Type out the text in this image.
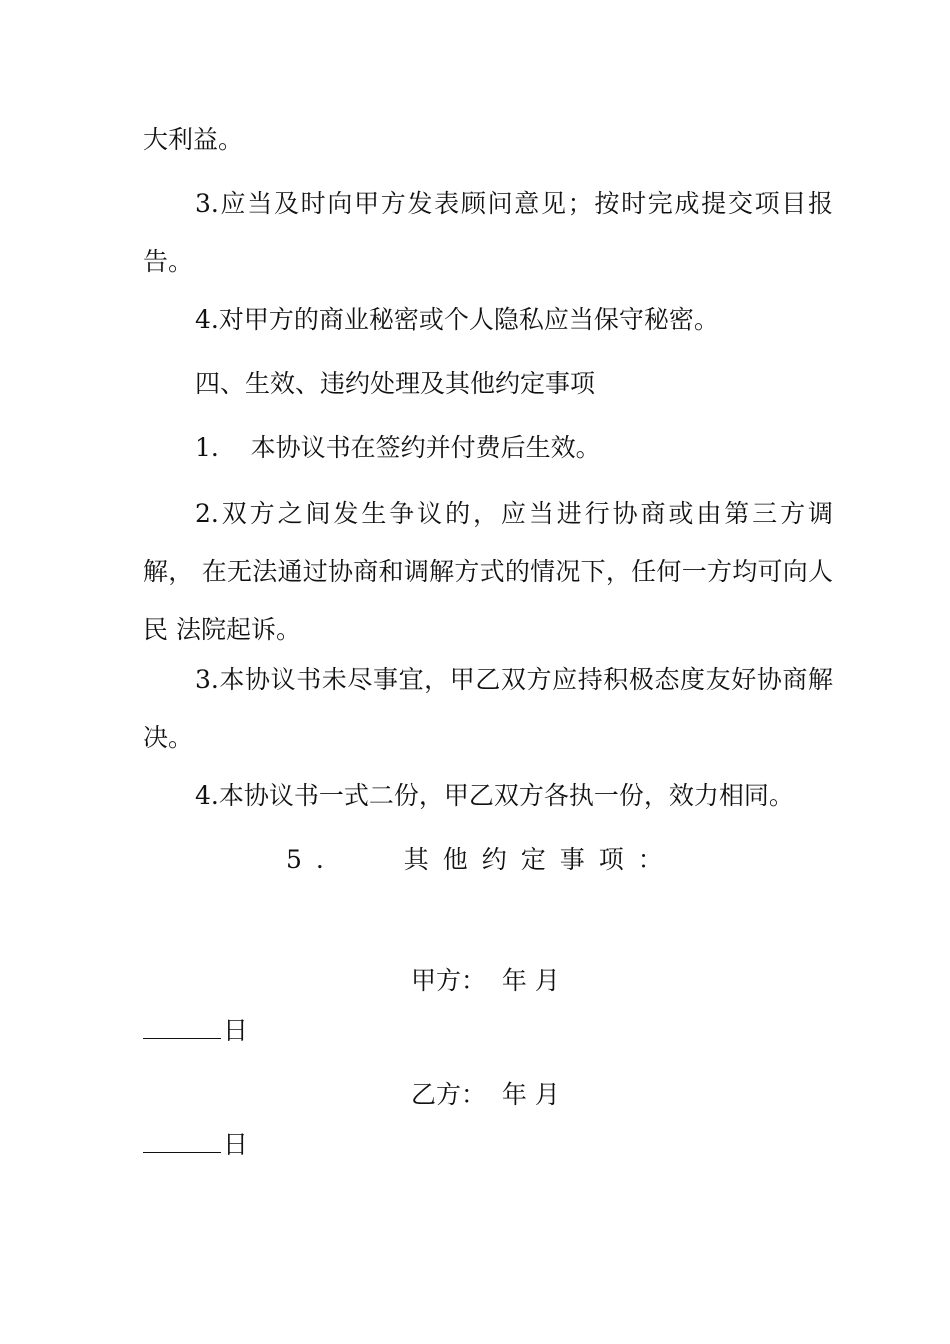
大利益。

3.应当及时向甲方发表顾问意见；按时完成提交项目报告。

4.对甲方的商业秘密或个人隐私应当保守秘密。

四、生效、违约处理及其他约定事项

1.    本协议书在签约并付费后生效。

2.双方之间发生争议的，应当进行协商或由第三方调解， 在无法通过协商和调解方式的情况下，任何一方均可向人民 法院起诉。

3.本协议书未尽事宜，甲乙双方应持积极态度友好协商解决。

4.本协议书一式二份，甲乙双方各执一份，效力相同。

5.   其他约定事项：

甲方：  年 月

日

乙方：  年 月

日
